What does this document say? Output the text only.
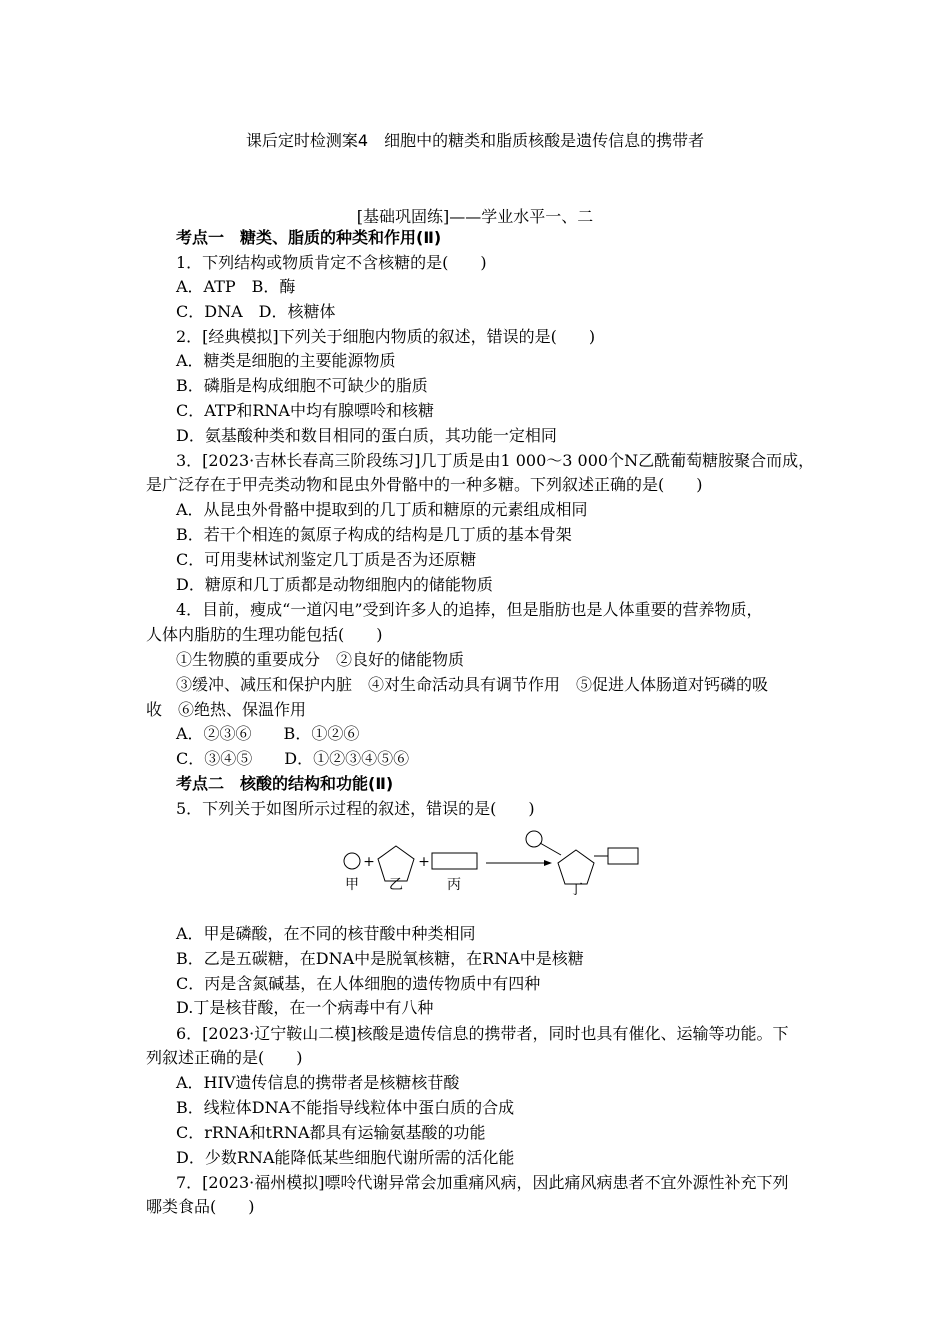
课后定时检测案4　细胞中的糖类和脂质核酸是遗传信息的携带者
[基础巩固练]——学业水平一、二
考点一　糖类、脂质的种类和作用(Ⅱ)
1．下列结构或物质肯定不含核糖的是(　　)
A．ATP　B．酶
C．DNA　D．核糖体
2．[经典模拟]下列关于细胞内物质的叙述，错误的是(　　)
A．糖类是细胞的主要能源物质
B．磷脂是构成细胞不可缺少的脂质
C．ATP和RNA中均有腺嘌呤和核糖
D．氨基酸种类和数目相同的蛋白质，其功能一定相同
3．[2023·吉林长春高三阶段练习]几丁质是由1 000～3 000个N乙酰葡萄糖胺聚合而成，
是广泛存在于甲壳类动物和昆虫外骨骼中的一种多糖。下列叙述正确的是(　　)
A．从昆虫外骨骼中提取到的几丁质和糖原的元素组成相同
B．若干个相连的氮原子构成的结构是几丁质的基本骨架
C．可用斐林试剂鉴定几丁质是否为还原糖
D．糖原和几丁质都是动物细胞内的储能物质
4．目前，瘦成“一道闪电”受到许多人的追捧，但是脂肪也是人体重要的营养物质，
人体内脂肪的生理功能包括(　　)
①生物膜的重要成分　②良好的储能物质
③缓冲、减压和保护内脏　④对生命活动具有调节作用　⑤促进人体肠道对钙磷的吸
收　⑥绝热、保温作用
A．②③⑥　　B．①②⑥
C．③④⑤　　D．①②③④⑤⑥
考点二　核酸的结构和功能(Ⅱ)
5．下列关于如图所示过程的叙述，错误的是(　　)
+	+
甲 乙	丙	丁
A．甲是磷酸，在不同的核苷酸中种类相同
B．乙是五碳糖，在DNA中是脱氧核糖，在RNA中是核糖
C．丙是含氮碱基，在人体细胞的遗传物质中有四种
D.丁是核苷酸，在一个病毒中有八种
6．[2023·辽宁鞍山二模]核酸是遗传信息的携带者，同时也具有催化、运输等功能。下
列叙述正确的是(　　)
A．HIV遗传信息的携带者是核糖核苷酸
B．线粒体DNA不能指导线粒体中蛋白质的合成
C．rRNA和tRNA都具有运输氨基酸的功能
D．少数RNA能降低某些细胞代谢所需的活化能
7．[2023·福州模拟]嘌呤代谢异常会加重痛风病，因此痛风病患者不宜外源性补充下列
哪类食品(　　)
